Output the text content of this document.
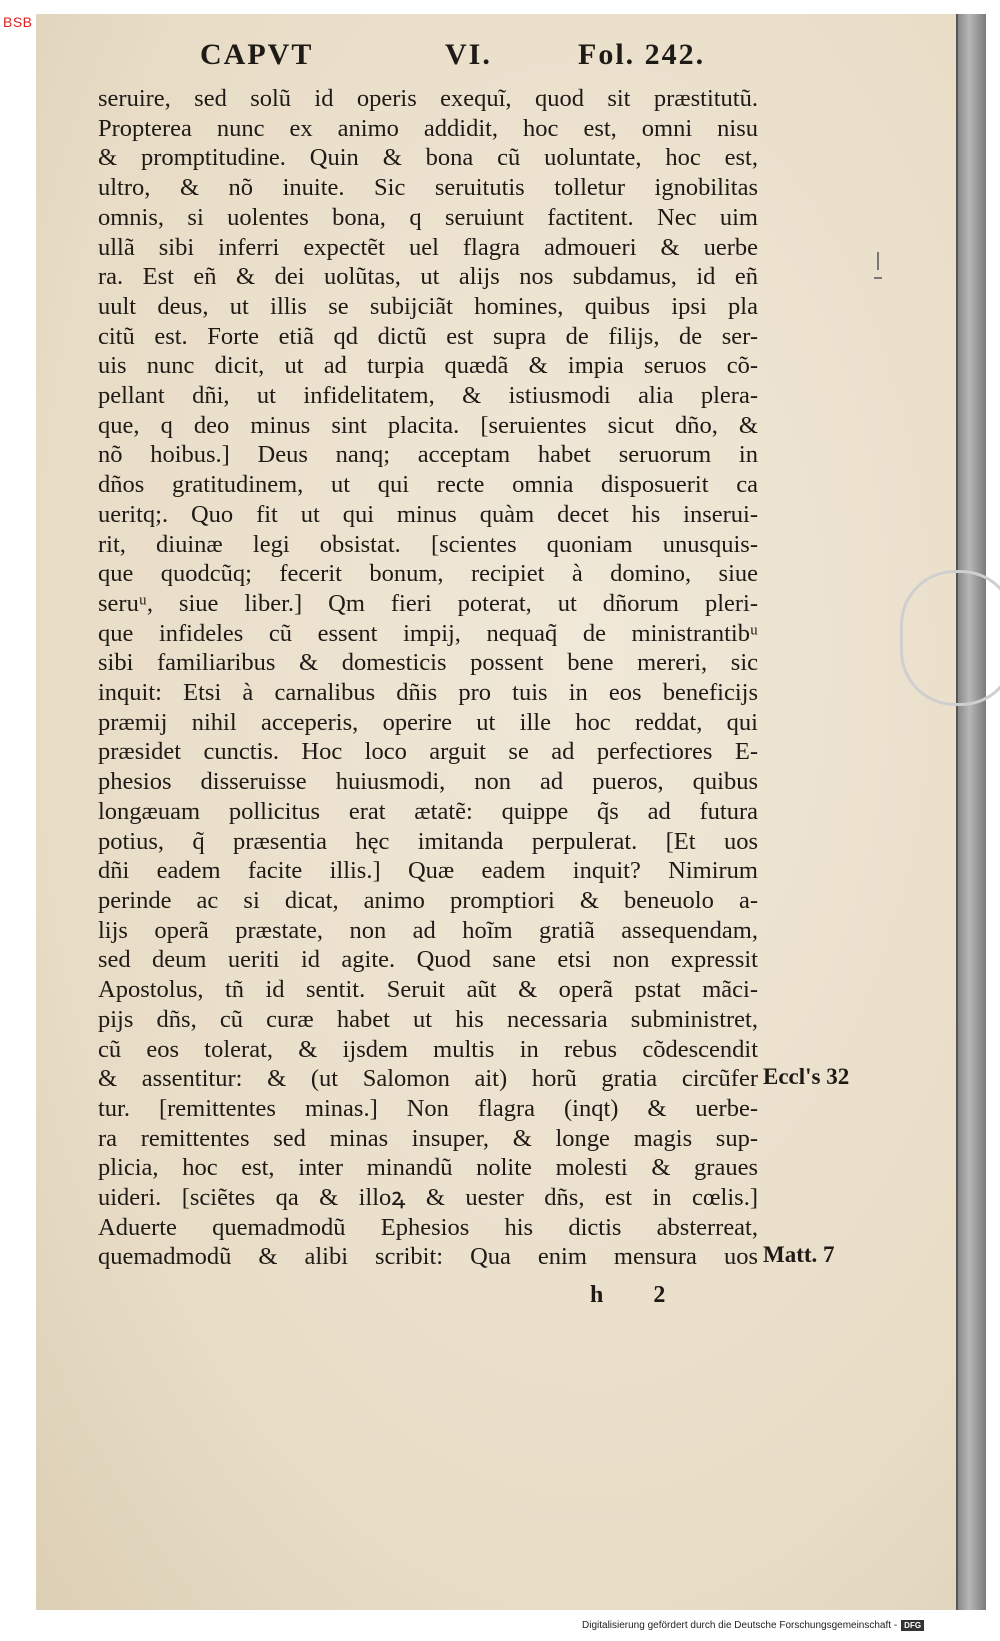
BSB
CAPVT	VI.	Fol. 242.
seruire, sed solũ id operis exequĩ, quod sit præstitutũ.
Propterea nunc ex animo addidit, hoc est, omni nisu
& promptitudine. Quin & bona cũ uoluntate, hoc est,
ultro, & nõ inuite. Sic seruitutis tolletur ignobilitas
omnis, si uolentes bona, q seruiunt factitent. Nec uim
ullã sibi inferri expectẽt uel flagra admoueri & uerbe
ra. Est eñ & dei uolũtas, ut alijs nos subdamus, id eñ
uult deus, ut illis se subijciãt homines, quibus ipsi pla
citũ est. Forte etiã qd dictũ est supra de filijs, de ser-
uis nunc dicit, ut ad turpia quædã & impia seruos cõ-
pellant dñi, ut infidelitatem, & istiusmodi alia plera-
que, q deo minus sint placita. [seruientes sicut dño, &
nõ hoibus.] Deus nanq; acceptam habet seruorum in
dños gratitudinem, ut qui recte omnia disposuerit ca
ueritq;. Quo fit ut qui minus quàm decet his inserui-
rit, diuinæ legi obsistat. [scientes quoniam unusquis-
que quodcũq; fecerit bonum, recipiet à domino, siue
seruᵘ, siue liber.] Qm fieri poterat, ut dñorum pleri-
que infideles cũ essent impij, nequaq̃ de ministrantibᵘ
sibi familiaribus & domesticis possent bene mereri, sic
inquit: Etsi à carnalibus dñis pro tuis in eos beneficijs
præmij nihil acceperis, operire ut ille hoc reddat, qui
præsidet cunctis. Hoc loco arguit se ad perfectiores E-
phesios disseruisse huiusmodi, non ad pueros, quibus
longæuam pollicitus erat ætatẽ: quippe q̃s ad futura
potius, q̃ præsentia hęc imitanda perpulerat. [Et uos
dñi eadem facite illis.] Quæ eadem inquit? Nimirum
perinde ac si dicat, animo promptiori & beneuolo a-
lijs operã præstate, non ad hoĩm gratiã assequendam,
sed deum ueriti id agite. Quod sane etsi non expressit
Apostolus, tñ id sentit. Seruit aũt & operã pstat mãci-
pijs dñs, cũ curæ habet ut his necessaria subministret,
cũ eos tolerat, & ijsdem multis in rebus cõdescendit
& assentitur: & (ut Salomon ait) horũ gratia circũfer
tur. [remittentes minas.] Non flagra (inqt) & uerbe-
ra remittentes sed minas insuper, & longe magis sup-
plicia, hoc est, inter minandũ nolite molesti & graues
uideri. [sciẽtes qa & illoꝝ & uester dñs, est in cœlis.]
Aduerte quemadmodũ Ephesios his dictis absterreat,
quemadmodũ & alibi scribit: Qua enim mensura uos
Eccl's 32
Matt. 7
h 2
Digitalisierung gefördert durch die Deutsche Forschungsgemeinschaft - DFG
